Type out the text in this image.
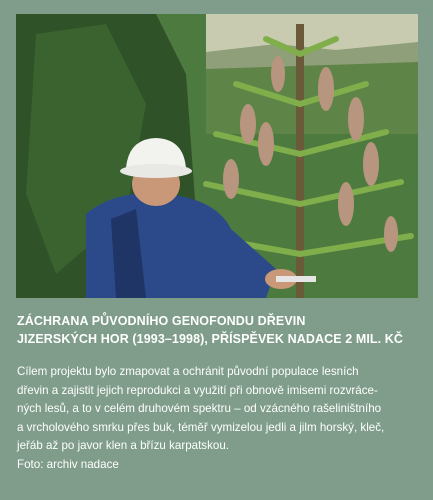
ZÁCHRANA PŮVODNÍHO GENOFONDU DŘEVIN
JIZERSKÝCH HOR (1993–1998), PŘÍSPĚVEK NADACE 2 MIL. KČ

Cílem projektu bylo zmapovat a ochránit původní populace lesních
dřevin a zajistit jejich reprodukci a využití při obnově imisemi rozvráce-
ných lesů, a to v celém druhovém spektru – od vzácného rašeliništního
a vrcholového smrku přes buk, téměř vymizelou jedli a jilm horský, kleč,
jeřáb až po javor klen a břízu karpatskou.
Foto: archiv nadace
